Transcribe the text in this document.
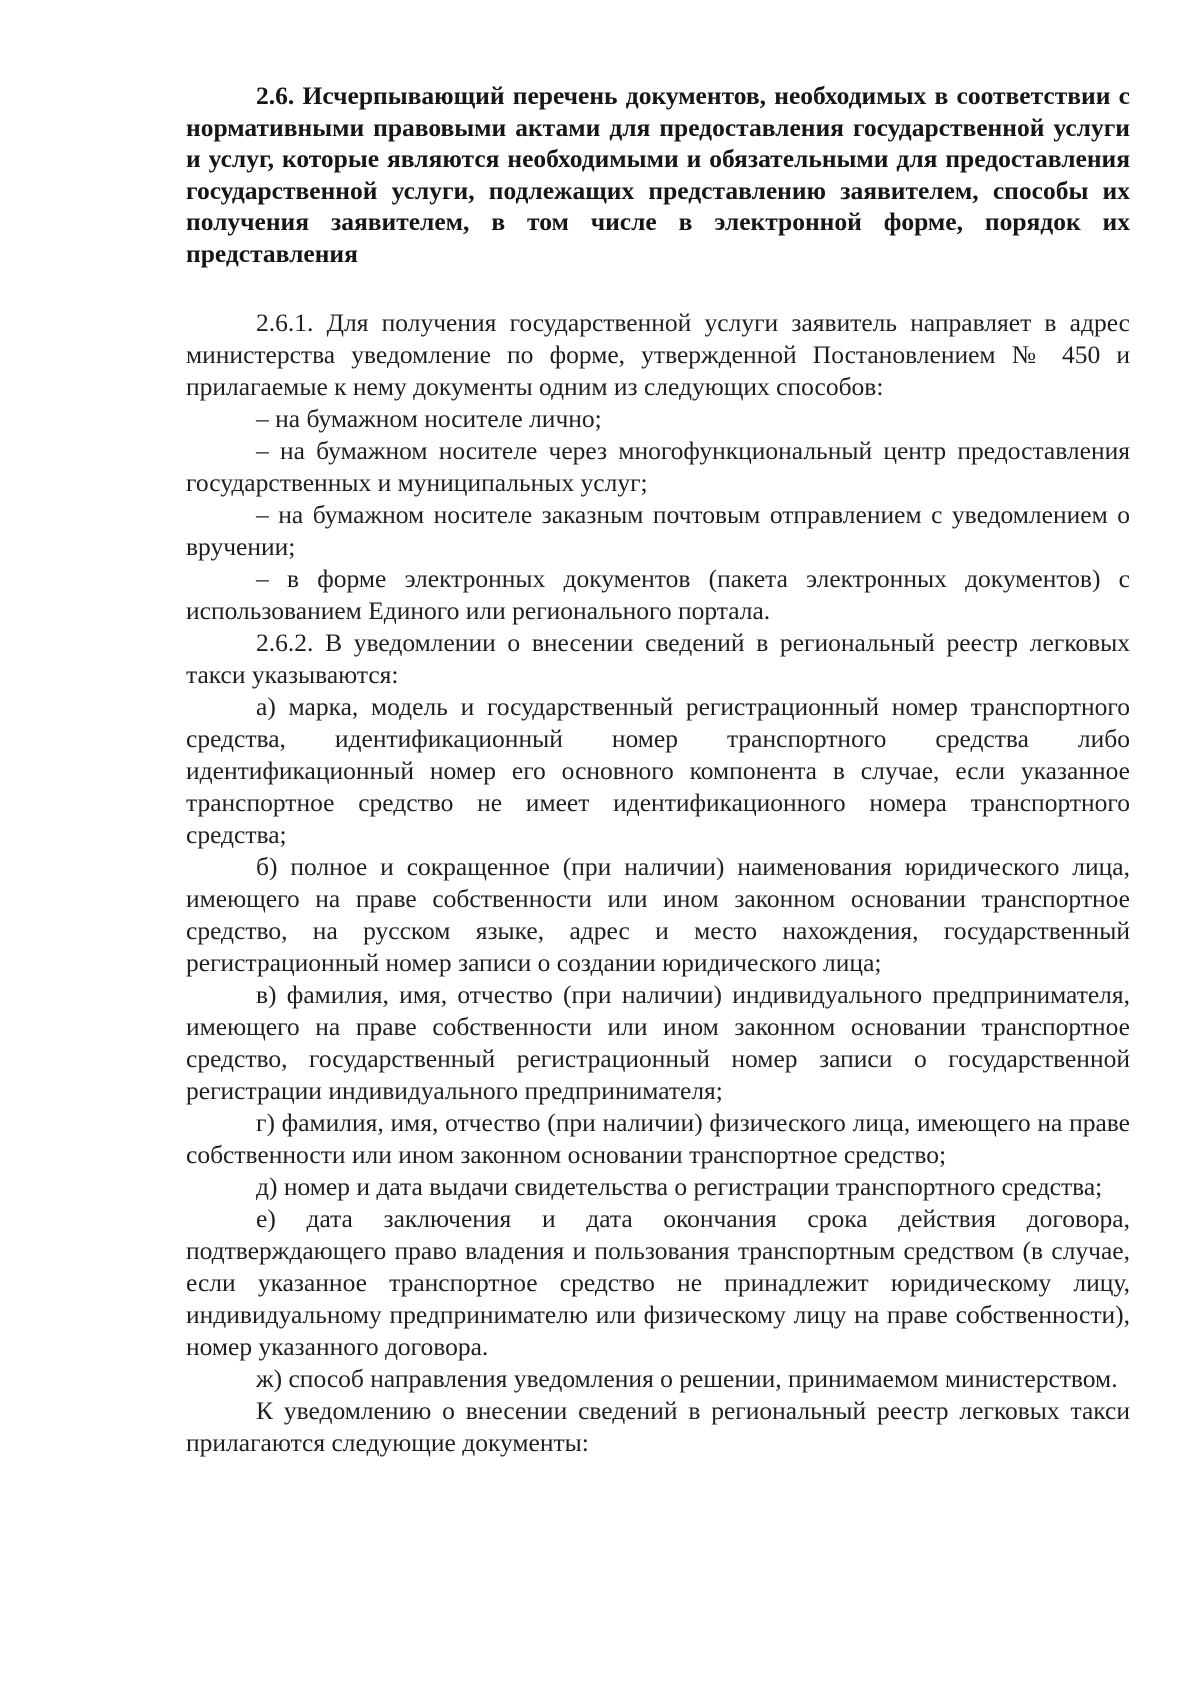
2.6. Исчерпывающий перечень документов, необходимых в соответствии с нормативными правовыми актами для предоставления государственной услуги и услуг, которые являются необходимыми и обязательными для предоставления государственной услуги, подлежащих представлению заявителем, способы их получения заявителем, в том числе в электронной форме, порядок их представления

2.6.1. Для получения государственной услуги заявитель направляет в адрес министерства уведомление по форме, утвержденной Постановлением № 450 и прилагаемые к нему документы одним из следующих способов:

– на бумажном носителе лично;

– на бумажном носителе через многофункциональный центр предоставления государственных и муниципальных услуг;

– на бумажном носителе заказным почтовым отправлением с уведомлением о вручении;

– в форме электронных документов (пакета электронных документов) с использованием Единого или регионального портала.

2.6.2. В уведомлении о внесении сведений в региональный реестр легковых такси указываются:

а) марка, модель и государственный регистрационный номер транспортного средства, идентификационный номер транспортного средства либо идентификационный номер его основного компонента в случае, если указанное транспортное средство не имеет идентификационного номера транспортного средства;

б) полное и сокращенное (при наличии) наименования юридического лица, имеющего на праве собственности или ином законном основании транспортное средство, на русском языке, адрес и место нахождения, государственный регистрационный номер записи о создании юридического лица;

в) фамилия, имя, отчество (при наличии) индивидуального предпринимателя, имеющего на праве собственности или ином законном основании транспортное средство, государственный регистрационный номер записи о государственной регистрации индивидуального предпринимателя;

г) фамилия, имя, отчество (при наличии) физического лица, имеющего на праве собственности или ином законном основании транспортное средство;

д) номер и дата выдачи свидетельства о регистрации транспортного средства;

е) дата заключения и дата окончания срока действия договора, подтверждающего право владения и пользования транспортным средством (в случае, если указанное транспортное средство не принадлежит юридическому лицу, индивидуальному предпринимателю или физическому лицу на праве собственности), номер указанного договора.

ж) способ направления уведомления о решении, принимаемом министерством.

К уведомлению о внесении сведений в региональный реестр легковых такси прилагаются следующие документы:
